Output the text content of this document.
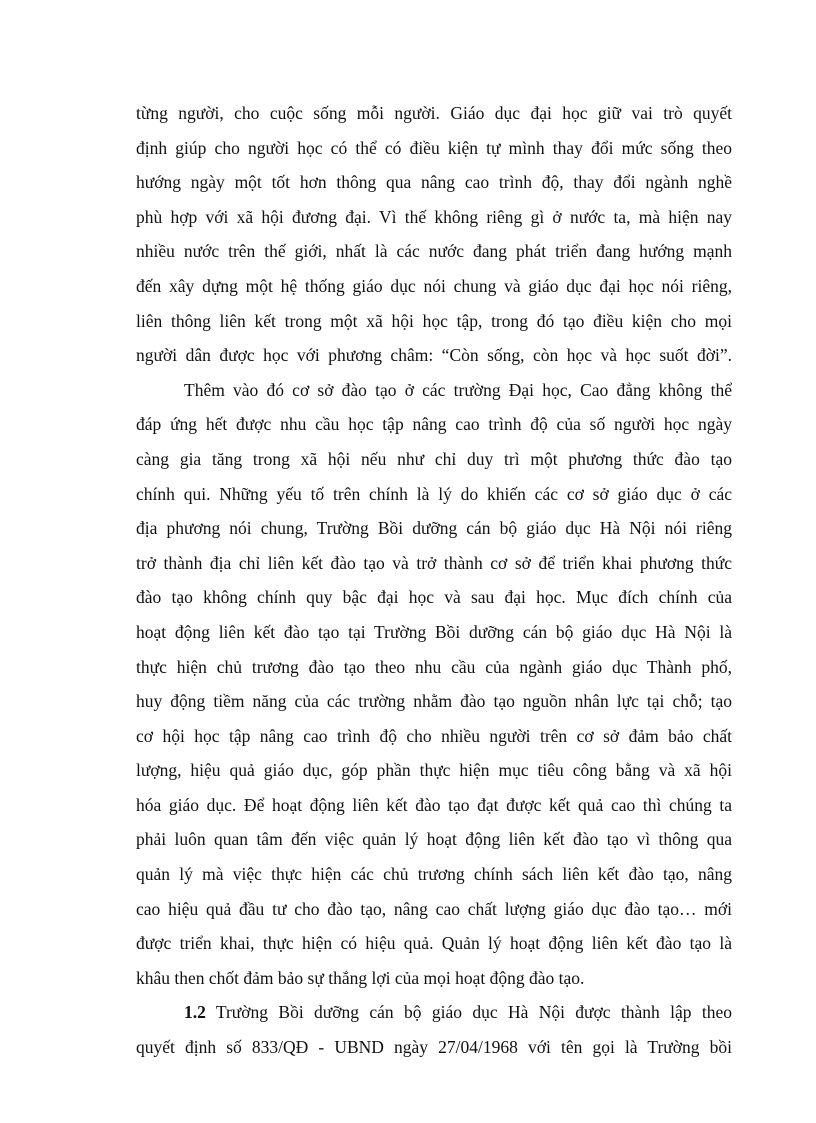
từng người, cho cuộc sống mỗi người. Giáo dục đại học giữ vai trò quyết
định giúp cho người học có thể có điều kiện tự mình thay đổi mức sống theo
hướng ngày một tốt hơn thông qua nâng cao trình độ, thay đổi ngành nghề
phù hợp với xã hội đương đại. Vì thế không riêng gì ở nước ta, mà hiện nay
nhiều nước trên thế giới, nhất là các nước đang phát triển đang hướng mạnh
đến xây dựng một hệ thống giáo dục nói chung và giáo dục đại học nói riêng,
liên thông liên kết trong một xã hội học tập, trong đó tạo điều kiện cho mọi
người dân được học với phương châm: “Còn sống, còn học và học suốt đời”.
Thêm vào đó cơ sở đào tạo ở các trường Đại học, Cao đẳng không thể
đáp ứng hết được nhu cầu học tập nâng cao trình độ của số người học ngày
càng gia tăng trong xã hội nếu như chỉ duy trì một phương thức đào tạo
chính qui. Những yếu tố trên chính là lý do khiến các cơ sở giáo dục ở các
địa phương nói chung, Trường Bồi dưỡng cán bộ giáo dục Hà Nội nói riêng
trở thành địa chỉ liên kết đào tạo và trở thành cơ sở để triển khai phương thức
đào tạo không chính quy bậc đại học và sau đại học. Mục đích chính của
hoạt động liên kết đào tạo tại Trường Bồi dưỡng cán bộ giáo dục Hà Nội là
thực hiện chủ trương đào tạo theo nhu cầu của ngành giáo dục Thành phố,
huy động tiềm năng của các trường nhằm đào tạo nguồn nhân lực tại chỗ; tạo
cơ hội học tập nâng cao trình độ cho nhiều người trên cơ sở đảm bảo chất
lượng, hiệu quả giáo dục, góp phần thực hiện mục tiêu công bằng và xã hội
hóa giáo dục. Để hoạt động liên kết đào tạo đạt được kết quả cao thì chúng ta
phải luôn quan tâm đến việc quản lý hoạt động liên kết đào tạo vì thông qua
quản lý mà việc thực hiện các chủ trương chính sách liên kết đào tạo, nâng
cao hiệu quả đầu tư cho đào tạo, nâng cao chất lượng giáo dục đào tạo… mới
được triển khai, thực hiện có hiệu quả. Quản lý hoạt động liên kết đào tạo là
khâu then chốt đảm bảo sự thắng lợi của mọi hoạt động đào tạo.
1.2 Trường Bồi dưỡng cán bộ giáo dục Hà Nội được thành lập theo
quyết định số 833/QĐ - UBND ngày 27/04/1968 với tên gọi là Trường bồi
